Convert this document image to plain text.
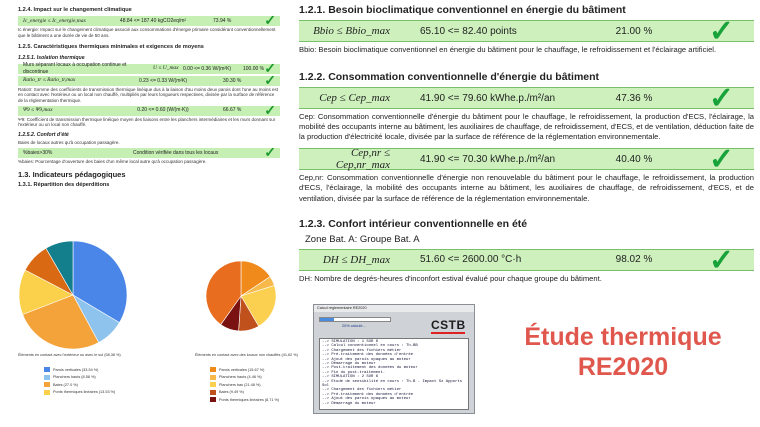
1.2.4. Impact sur le changement climatique
Ic_energie ≤ Ic_energie,max	48.84 <= 187.40 kgCO2eq/m²	73.94 % ✓
Ic énergie: Impact sur le changement climatique associé aux consommations d'énergie primaire considérant conventionnellement que le bâtiment a une durée de vie de 50 ans.
1.2.5. Caractéristiques thermiques minimales et exigences de moyens
1.2.5.1. Isolation thermique
Murs séparant locaux à occupation continue et discontinue
U ≤ U_max 0.00 <= 0.36 W/(m²K)	100.00 % ✓
Ratio_tr ≤ Ratio_tr,max	0.23 <= 0.33 W/(m²K)	30.30 % ✓
Ratiotr: Somme des coefficients de transmission thermique linéique dus à la liaison d'au moins deux parois dont l'une au moins est en contact avec l'extérieur ou un local non chauffé, multipliés par leurs longueurs respectives, divisée par la surface de référence de la réglementation thermique.
Ψ9 ≤ Ψ9,max	0.20 <= 0.60 (W/(m·K))	66.67 % ✓
Ψ9: Coefficient de transmission thermique linéique moyen des liaisons entre les planchers intermédiaires et les murs donnant sur l'extérieur ou un local non chauffé.
1.2.5.2. Confort d'été
Baies de locaux autres qu'à occupation passagère.
%baies>30%	Condition vérifiée dans tous les locaux	✓
%baies: Pourcentage d'ouverture des baies d'un même local autre qu'à occupation passagère.
1.3. Indicateurs pédagogiques
1.3.1. Répartition des déperditions
Éléments en contact avec l'extérieur ou avec le sol (58,38 %)	Éléments en contact avec des locaux non chauffés (41,62 %)
Parois verticales (33.54 %)
Planchers hauts (8.58 %)
Baies (27.0 %)
Ponts thermiques linéaires (13.53 %)
Parois verticales (15.67 %)
Planchers hauts (4.46 %)
Planchers bas (21.48 %)
Baies (9.49 %)
Ponts thermiques linéaires (8.71 %)
1.2.1. Besoin bioclimatique conventionnel en énergie du bâtiment
Bbio ≤ Bbio_max	65.10 <= 82.40 points	21.00 %	✓
Bbio: Besoin bioclimatique conventionnel en énergie du bâtiment pour le chauffage, le refroidissement et l'éclairage artificiel.
1.2.2. Consommation conventionnelle d'énergie du bâtiment
Cep ≤ Cep_max	41.90 <= 79.60 kWhe.p./m²/an	47.36 %	✓
Cep: Consommation conventionnelle d'énergie du bâtiment pour le chauffage, le refroidissement, la production d'ECS, l'éclairage, la mobilité des occupants interne au bâtiment, les auxiliaires de chauffage, de refroidissement, d'ECS, et de ventilation, déduction faite de la production d'électricité locale, divisée par la surface de référence de la réglementation environnementale.
Cep,nr ≤ Cep,nr_max	41.90 <= 70.30 kWhe.p./m²/an	40.40 %	✓
Cep,nr: Consommation conventionnelle d'énergie non renouvelable du bâtiment pour le chauffage, le refroidissement, la production d'ECS, l'éclairage, la mobilité des occupants interne au bâtiment, les auxiliaires de chauffage, de refroidissement, d'ECS, et de ventilation, divisée par la surface de référence de la réglementation environnementale.
1.2.3. Confort intérieur conventionnelle en été
Zone Bat. A: Groupe Bat. A
DH ≤ DH_max	51.60 <= 2600.00 °C·h	98.02 %	✓
DH: Nombre de degrés-heures d'inconfort estival évalué pour chaque groupe du bâtiment.
Calcul réglementaire RE2020
20% calculé...	CSTB
--> SIMULATION : 1 SUR 6
--> Calcul conventionnel en cours : Th-BB
--> Chargement des fichiers métier
--> Pré-traitement des données d'entrée
--> Ajout des parois opaques au moteur
--> Démarrage du moteur
--> Post-traitement des données du moteur
--> Fin du post-traitement.
--> SIMULATION : 2 SUR 6
--> Etude de sensibilité en cours : Th-B - Impact Sz Apports Sol
--> Chargement des fichiers métier
--> Pré-traitement des données d'entrée
--> Ajout des parois opaques au moteur
--> Démarrage du moteur
Étude thermique
RE2020
